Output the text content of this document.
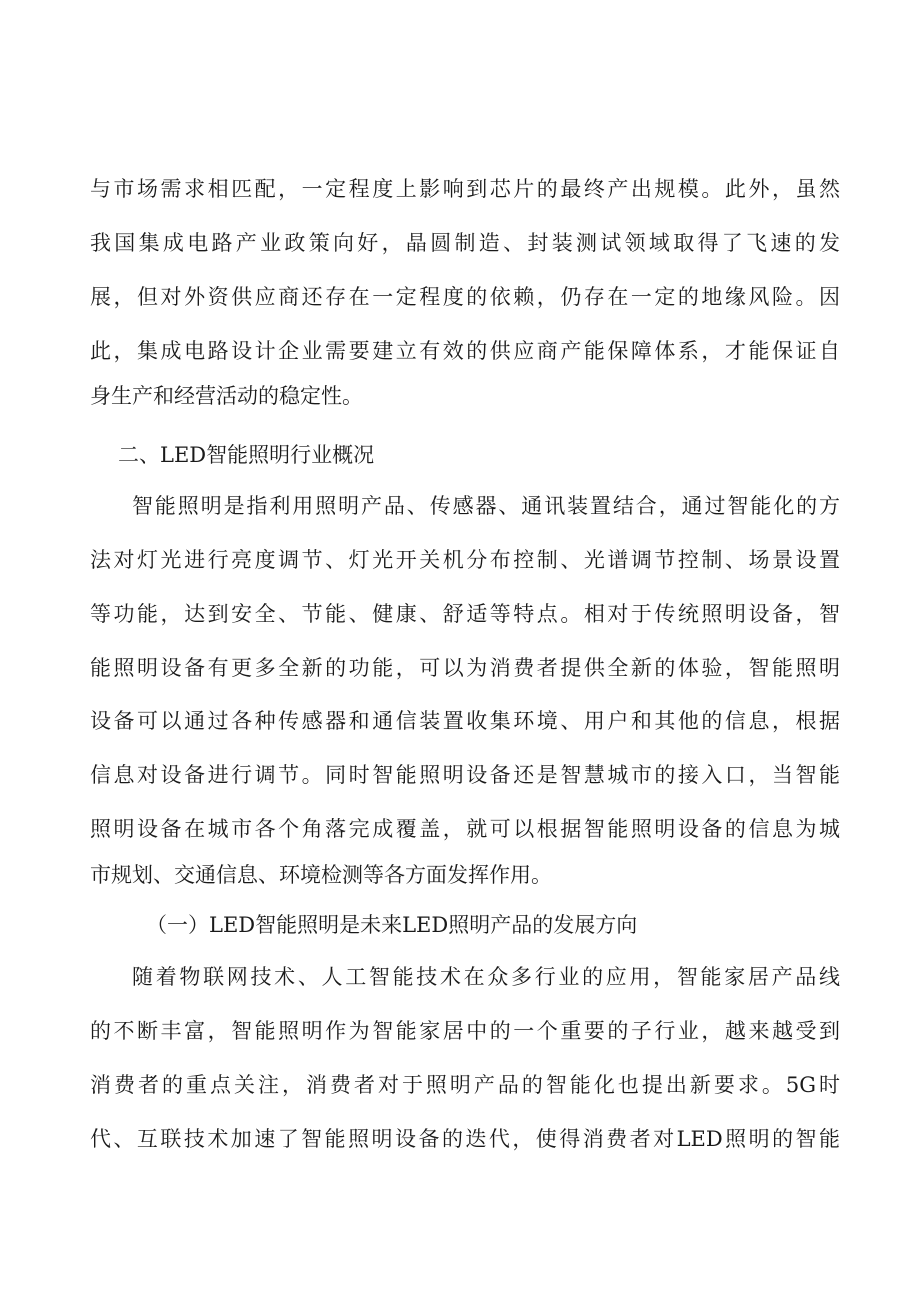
与市场需求相匹配，一定程度上影响到芯片的最终产出规模。此外，虽然
我国集成电路产业政策向好，晶圆制造、封装测试领域取得了飞速的发
展，但对外资供应商还存在一定程度的依赖，仍存在一定的地缘风险。因
此，集成电路设计企业需要建立有效的供应商产能保障体系，才能保证自
身生产和经营活动的稳定性。
二、LED智能照明行业概况
智能照明是指利用照明产品、传感器、通讯装置结合，通过智能化的方
法对灯光进行亮度调节、灯光开关机分布控制、光谱调节控制、场景设置
等功能，达到安全、节能、健康、舒适等特点。相对于传统照明设备，智
能照明设备有更多全新的功能，可以为消费者提供全新的体验，智能照明
设备可以通过各种传感器和通信装置收集环境、用户和其他的信息，根据
信息对设备进行调节。同时智能照明设备还是智慧城市的接入口，当智能
照明设备在城市各个角落完成覆盖，就可以根据智能照明设备的信息为城
市规划、交通信息、环境检测等各方面发挥作用。
（一）LED智能照明是未来LED照明产品的发展方向
随着物联网技术、人工智能技术在众多行业的应用，智能家居产品线
的不断丰富，智能照明作为智能家居中的一个重要的子行业，越来越受到
消费者的重点关注，消费者对于照明产品的智能化也提出新要求。5G时
代、互联技术加速了智能照明设备的迭代，使得消费者对LED照明的智能
